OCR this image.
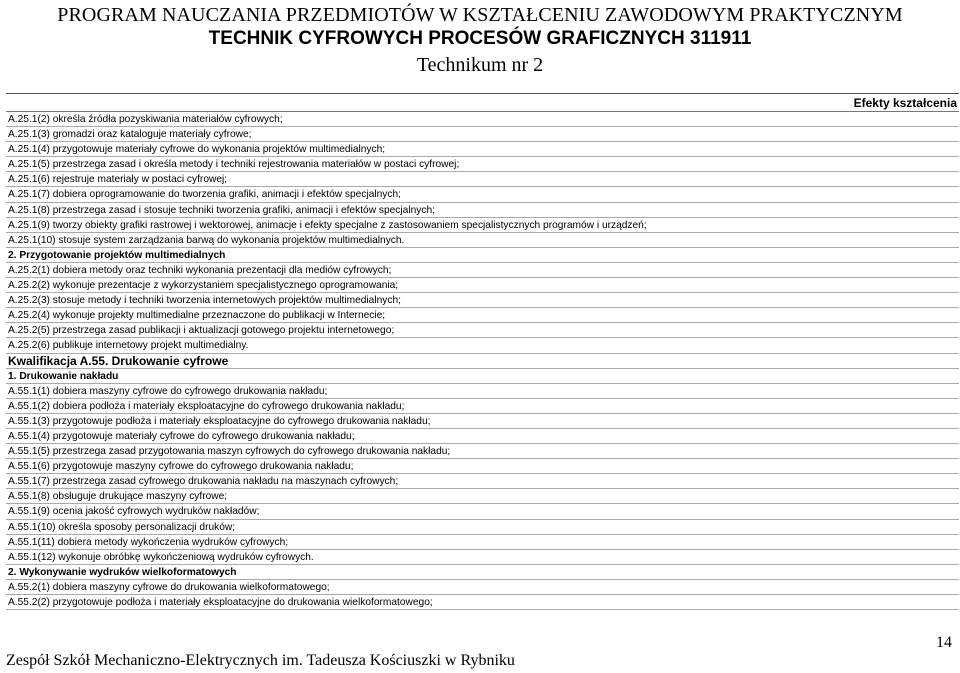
PROGRAM NAUCZANIA PRZEDMIOTÓW W KSZTAŁCENIU ZAWODOWYM PRAKTYCZNYM
TECHNIK CYFROWYCH PROCESÓW GRAFICZNYCH 311911
Technikum nr 2
Efekty kształcenia
A.25.1(2) określa źródła pozyskiwania materiałów cyfrowych;
A.25.1(3) gromadzi oraz kataloguje materiały cyfrowe;
A.25.1(4) przygotowuje materiały cyfrowe do wykonania projektów multimedialnych;
A.25.1(5) przestrzega zasad i określa metody i techniki rejestrowania materiałów w postaci cyfrowej;
A.25.1(6) rejestruje materiały w postaci cyfrowej;
A.25.1(7) dobiera oprogramowanie do tworzenia grafiki, animacji i efektów specjalnych;
A.25.1(8) przestrzega zasad i stosuje techniki tworzenia grafiki, animacji i efektów specjalnych;
A.25.1(9) tworzy obiekty grafiki rastrowej i wektorowej, animacje i efekty specjalne z zastosowaniem specjalistycznych programów i urządzeń;
A.25.1(10) stosuje system zarządzania barwą do wykonania projektów multimedialnych.
2. Przygotowanie projektów multimedialnych
A.25.2(1) dobiera metody oraz techniki wykonania prezentacji dla mediów cyfrowych;
A.25.2(2) wykonuje prezentacje z wykorzystaniem specjalistycznego oprogramowania;
A.25.2(3) stosuje metody i techniki tworzenia internetowych projektów multimedialnych;
A.25.2(4) wykonuje projekty multimedialne przeznaczone do publikacji w Internecie;
A.25.2(5) przestrzega zasad publikacji i aktualizacji gotowego projektu internetowego;
A.25.2(6) publikuje internetowy projekt multimedialny.
Kwalifikacja A.55. Drukowanie cyfrowe
1. Drukowanie nakładu
A.55.1(1) dobiera maszyny cyfrowe do cyfrowego drukowania nakładu;
A.55.1(2) dobiera podłoża i materiały eksploatacyjne do cyfrowego drukowania nakładu;
A.55.1(3) przygotowuje podłoża i materiały eksploatacyjne do cyfrowego drukowania nakładu;
A.55.1(4) przygotowuje materiały cyfrowe do cyfrowego drukowania nakładu;
A.55.1(5) przestrzega zasad przygotowania maszyn cyfrowych do cyfrowego drukowania nakładu;
A.55.1(6) przygotowuje maszyny cyfrowe do cyfrowego drukowania nakładu;
A.55.1(7) przestrzega zasad cyfrowego drukowania nakładu na maszynach cyfrowych;
A.55.1(8) obsługuje drukujące maszyny cyfrowe;
A.55.1(9) ocenia jakość cyfrowych wydruków nakładów;
A.55.1(10) określa sposoby personalizacji druków;
A.55.1(11) dobiera metody wykończenia wydruków cyfrowych;
A.55.1(12) wykonuje obróbkę wykończeniową wydruków cyfrowych.
2. Wykonywanie wydruków wielkoformatowych
A.55.2(1) dobiera maszyny cyfrowe do drukowania wielkoformatowego;
A.55.2(2) przygotowuje podłoża i materiały eksploatacyjne do drukowania wielkoformatowego;
14
Zespół Szkół Mechaniczno-Elektrycznych im. Tadeusza Kościuszki w Rybniku
